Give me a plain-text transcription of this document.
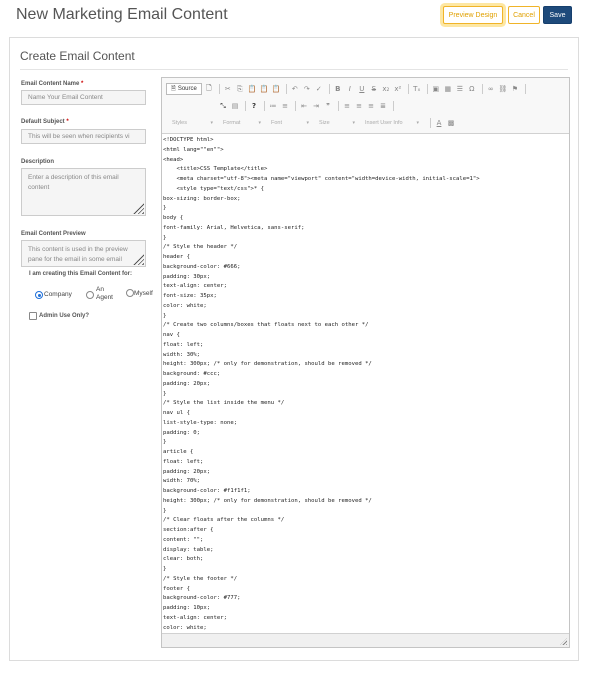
New Marketing Email Content	Preview Design	Cancel	Save
Create Email Content
Email Content Name *
Name Your Email Content
Default Subject *
This will be seen when recipients vi
Description
Enter a description of this email content
Email Content Preview
This content is used in the preview pane for the email in some email
I am creating this Email Content for:
Company
An Agent
Myself
Admin Use Only?
🗎 Source	🗋	✂ ⎘ 📋 📋 📋 ↶ ↷ ✓	B	I	U	S x₂ x² Tₓ ▣ ▦ ☰ Ω	∞ ⛓ ⚑
⤡ ▤	?	≔ ≡ ⇤ ⇥	❞	≡ ≡ ≡ ≣
Styles	▾ Format	▾ Font	▾ Size	▾ Insert User Info	▾	A ▩
<!DOCTYPE html>
<html lang=""en"">
<head>
<title>CSS Template</title>
<meta charset="utf-8"><meta name="viewport" content="width=device-width, initial-scale=1">
<style type="text/css">* {
box-sizing: border-box;
}
body {
font-family: Arial, Helvetica, sans-serif;
}
/* Style the header */
header {
background-color: #666;
padding: 30px;
text-align: center;
font-size: 35px;
color: white;
}
/* Create two columns/boxes that floats next to each other */
nav {
float: left;
width: 30%;
height: 300px; /* only for demonstration, should be removed */
background: #ccc;
padding: 20px;
}
/* Style the list inside the menu */
nav ul {
list-style-type: none;
padding: 0;
}
article {
float: left;
padding: 20px;
width: 70%;
background-color: #f1f1f1;
height: 300px; /* only for demonstration, should be removed */
}
/* Clear floats after the columns */
section:after {
content: "";
display: table;
clear: both;
}
/* Style the footer */
footer {
background-color: #777;
padding: 10px;
text-align: center;
color: white;
